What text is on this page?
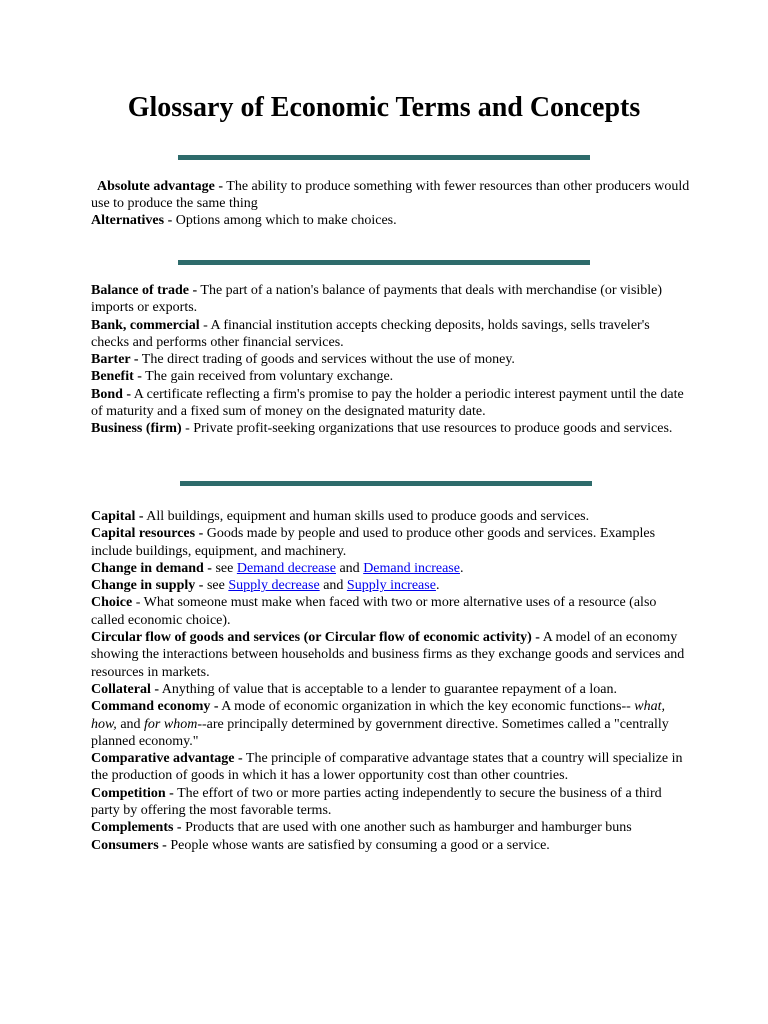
Glossary of Economic Terms and Concepts

Absolute advantage - The ability to produce something with fewer resources than other producers would use to produce the same thing

Alternatives - Options among which to make choices.

Balance of trade - The part of a nation's balance of payments that deals with merchandise (or visible) imports or exports.

Bank, commercial - A financial institution accepts checking deposits, holds savings, sells traveler's checks and performs other financial services.

Barter - The direct trading of goods and services without the use of money.

Benefit - The gain received from voluntary exchange.

Bond - A certificate reflecting a firm's promise to pay the holder a periodic interest payment until the date of maturity and a fixed sum of money on the designated maturity date.

Business (firm) - Private profit-seeking organizations that use resources to produce goods and services.

Capital - All buildings, equipment and human skills used to produce goods and services.

Capital resources - Goods made by people and used to produce other goods and services. Examples include buildings, equipment, and machinery.

Change in demand - see Demand decrease and Demand increase.

Change in supply - see Supply decrease and Supply increase.

Choice - What someone must make when faced with two or more alternative uses of a resource (also called economic choice).

Circular flow of goods and services (or Circular flow of economic activity) - A model of an economy showing the interactions between households and business firms as they exchange goods and services and resources in markets.

Collateral - Anything of value that is acceptable to a lender to guarantee repayment of a loan.

Command economy - A mode of economic organization in which the key economic functions-- what, how, and for whom--are principally determined by government directive. Sometimes called a "centrally planned economy."

Comparative advantage - The principle of comparative advantage states that a country will specialize in the production of goods in which it has a lower opportunity cost than other countries.

Competition - The effort of two or more parties acting independently to secure the business of a third party by offering the most favorable terms.

Complements - Products that are used with one another such as hamburger and hamburger buns

Consumers - People whose wants are satisfied by consuming a good or a service.
